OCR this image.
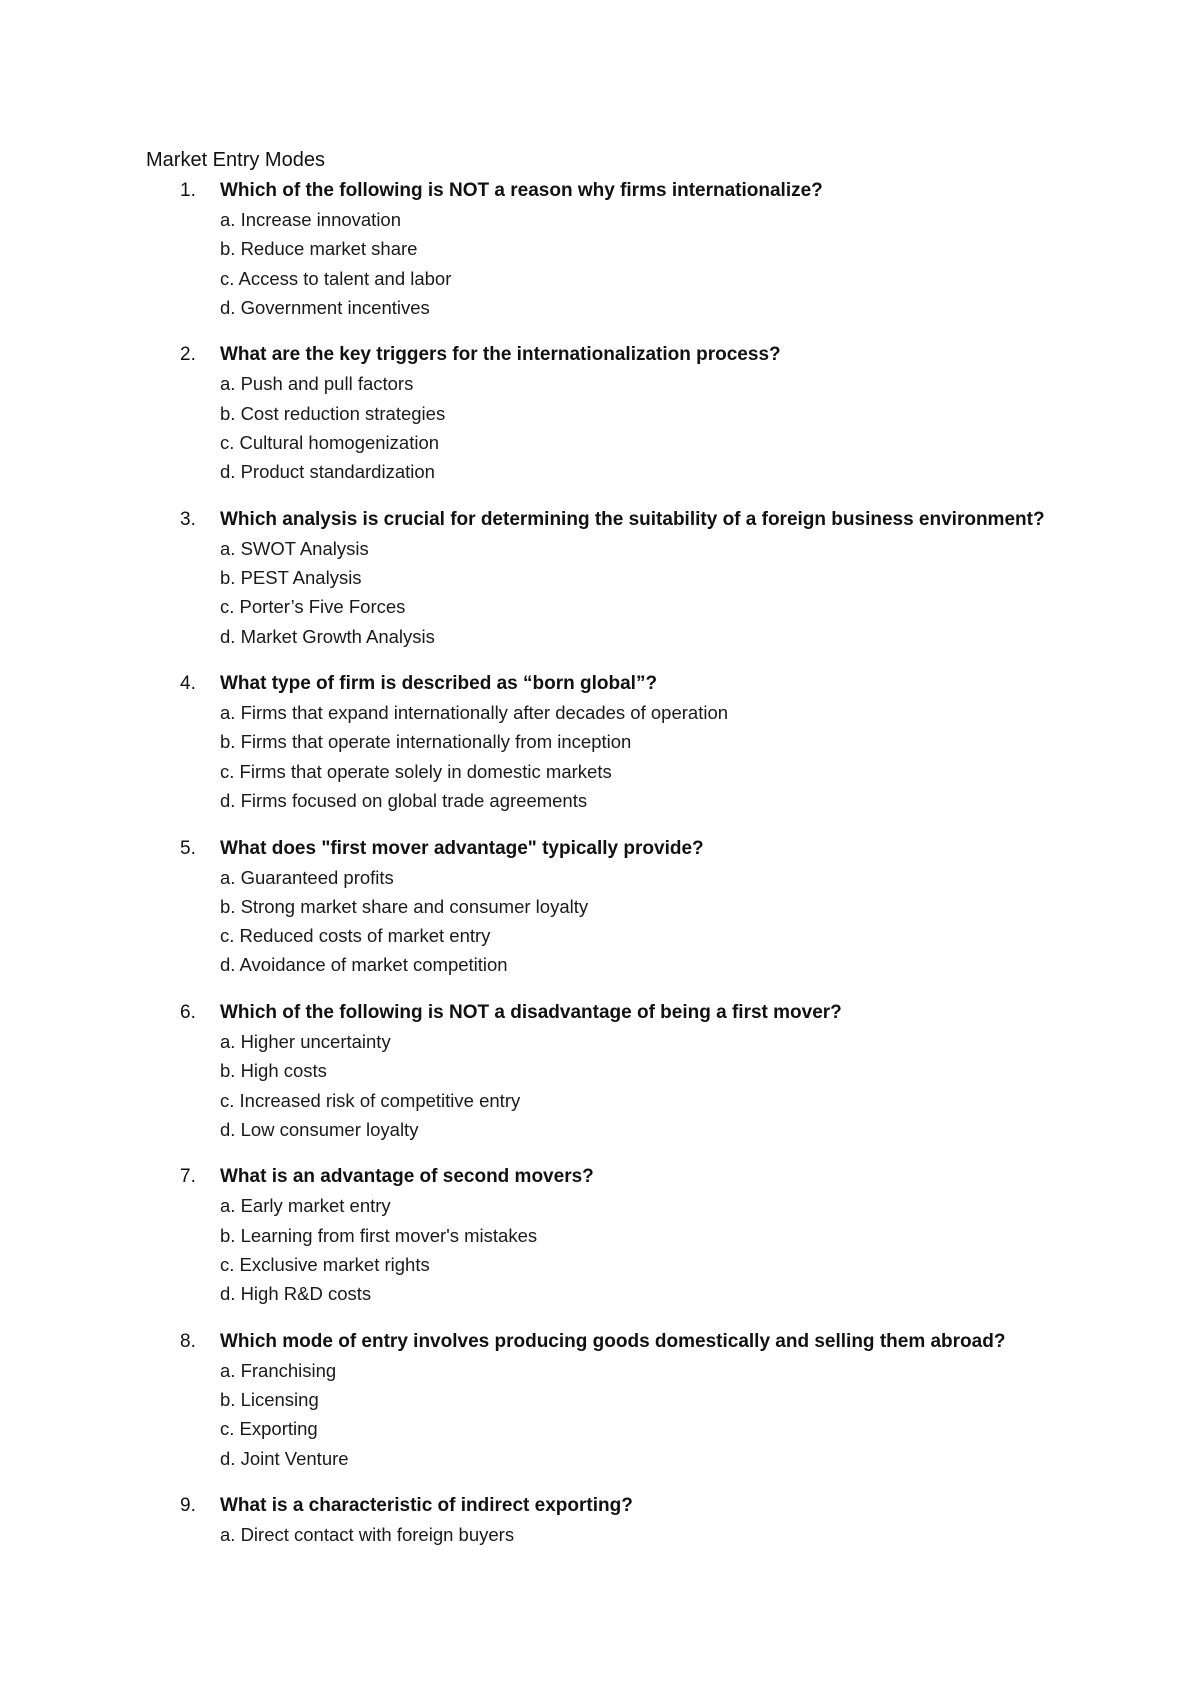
Market Entry Modes
1. Which of the following is NOT a reason why firms internationalize?
a. Increase innovation
b. Reduce market share
c. Access to talent and labor
d. Government incentives
2. What are the key triggers for the internationalization process?
a. Push and pull factors
b. Cost reduction strategies
c. Cultural homogenization
d. Product standardization
3. Which analysis is crucial for determining the suitability of a foreign business environment?
a. SWOT Analysis
b. PEST Analysis
c. Porter’s Five Forces
d. Market Growth Analysis
4. What type of firm is described as “born global”?
a. Firms that expand internationally after decades of operation
b. Firms that operate internationally from inception
c. Firms that operate solely in domestic markets
d. Firms focused on global trade agreements
5. What does "first mover advantage" typically provide?
a. Guaranteed profits
b. Strong market share and consumer loyalty
c. Reduced costs of market entry
d. Avoidance of market competition
6. Which of the following is NOT a disadvantage of being a first mover?
a. Higher uncertainty
b. High costs
c. Increased risk of competitive entry
d. Low consumer loyalty
7. What is an advantage of second movers?
a. Early market entry
b. Learning from first mover's mistakes
c. Exclusive market rights
d. High R&D costs
8. Which mode of entry involves producing goods domestically and selling them abroad?
a. Franchising
b. Licensing
c. Exporting
d. Joint Venture
9. What is a characteristic of indirect exporting?
a. Direct contact with foreign buyers
